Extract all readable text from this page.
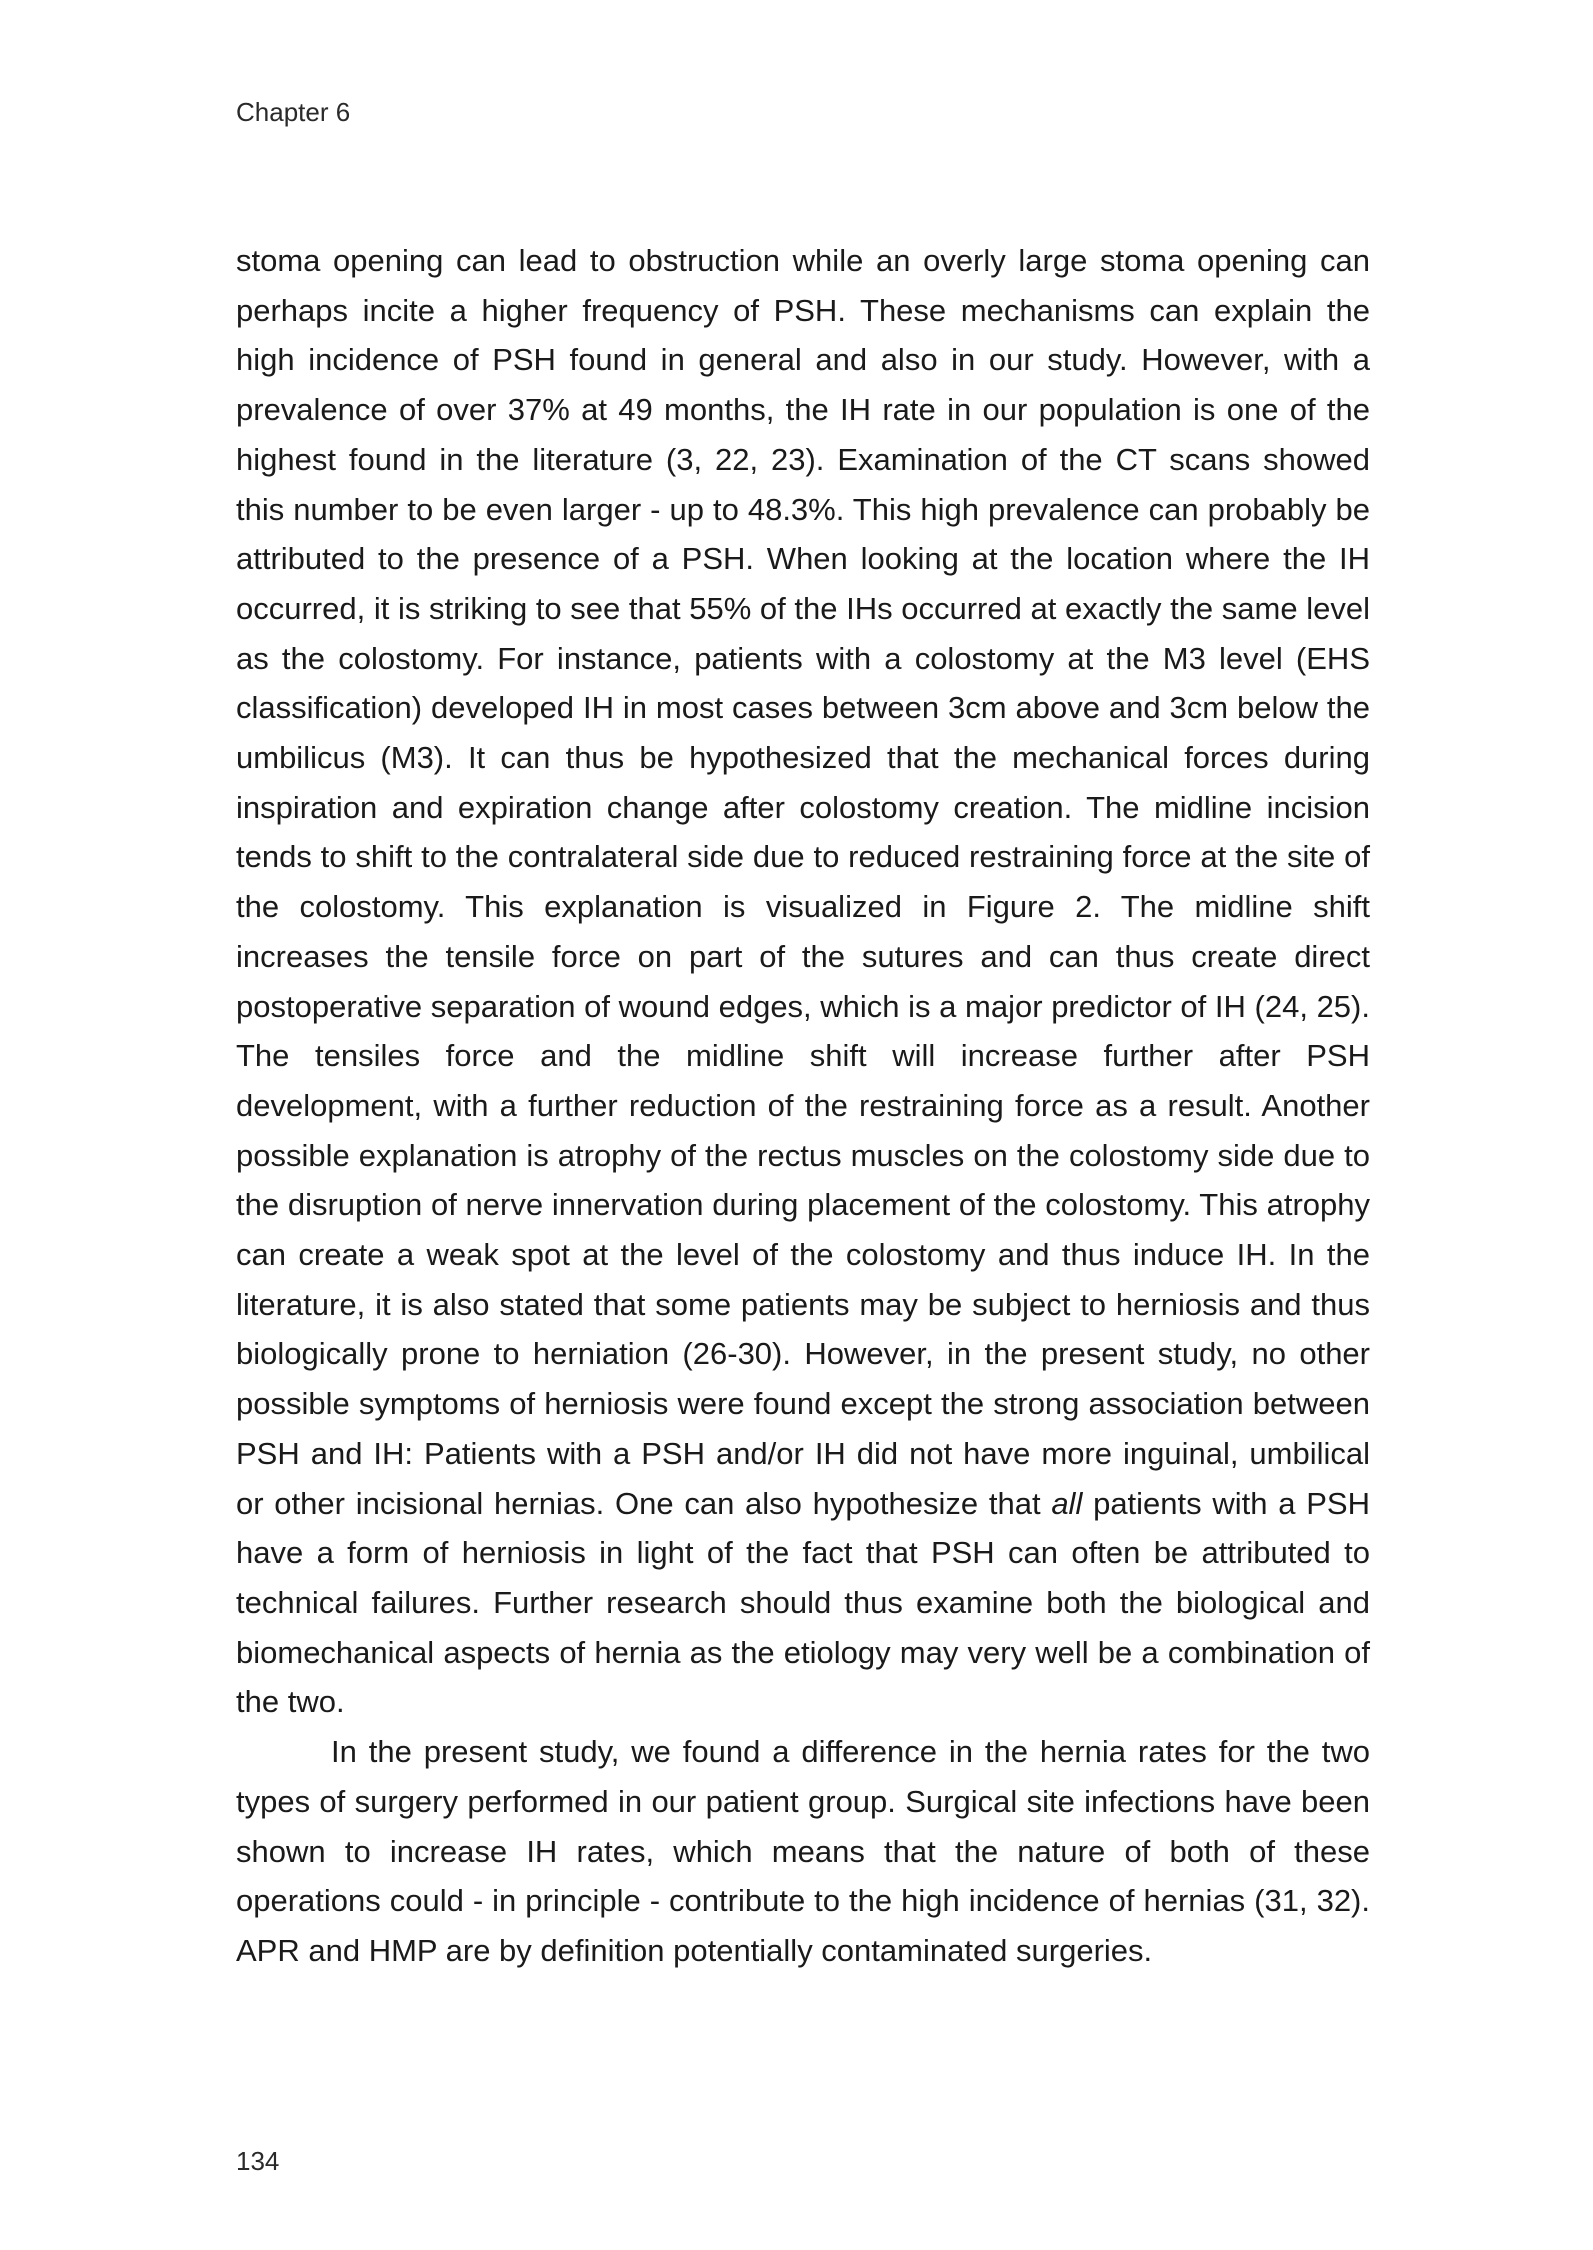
Chapter 6

stoma opening can lead to obstruction while an overly large stoma opening can perhaps incite a higher frequency of PSH. These mechanisms can explain the high incidence of PSH found in general and also in our study. However, with a prevalence of over 37% at 49 months, the IH rate in our population is one of the highest found in the literature (3, 22, 23). Examination of the CT scans showed this number to be even larger - up to 48.3%. This high prevalence can probably be attributed to the presence of a PSH. When looking at the location where the IH occurred, it is striking to see that 55% of the IHs occurred at exactly the same level as the colostomy. For instance, patients with a colostomy at the M3 level (EHS classification) developed IH in most cases between 3cm above and 3cm below the umbilicus (M3). It can thus be hypothesized that the mechanical forces during inspiration and expiration change after colostomy creation. The midline incision tends to shift to the contralateral side due to reduced restraining force at the site of the colostomy. This explanation is visualized in Figure 2. The midline shift increases the tensile force on part of the sutures and can thus create direct postoperative separation of wound edges, which is a major predictor of IH (24, 25). The tensiles force and the midline shift will increase further after PSH development, with a further reduction of the restraining force as a result. Another possible explanation is atrophy of the rectus muscles on the colostomy side due to the disruption of nerve innervation during placement of the colostomy. This atrophy can create a weak spot at the level of the colostomy and thus induce IH. In the literature, it is also stated that some patients may be subject to herniosis and thus biologically prone to herniation (26-30). However, in the present study, no other possible symptoms of herniosis were found except the strong association between PSH and IH: Patients with a PSH and/or IH did not have more inguinal, umbilical or other incisional hernias. One can also hypothesize that all patients with a PSH have a form of herniosis in light of the fact that PSH can often be attributed to technical failures. Further research should thus examine both the biological and biomechanical aspects of hernia as the etiology may very well be a combination of the two.

In the present study, we found a difference in the hernia rates for the two types of surgery performed in our patient group. Surgical site infections have been shown to increase IH rates, which means that the nature of both of these operations could - in principle - contribute to the high incidence of hernias (31, 32). APR and HMP are by definition potentially contaminated surgeries.

134
